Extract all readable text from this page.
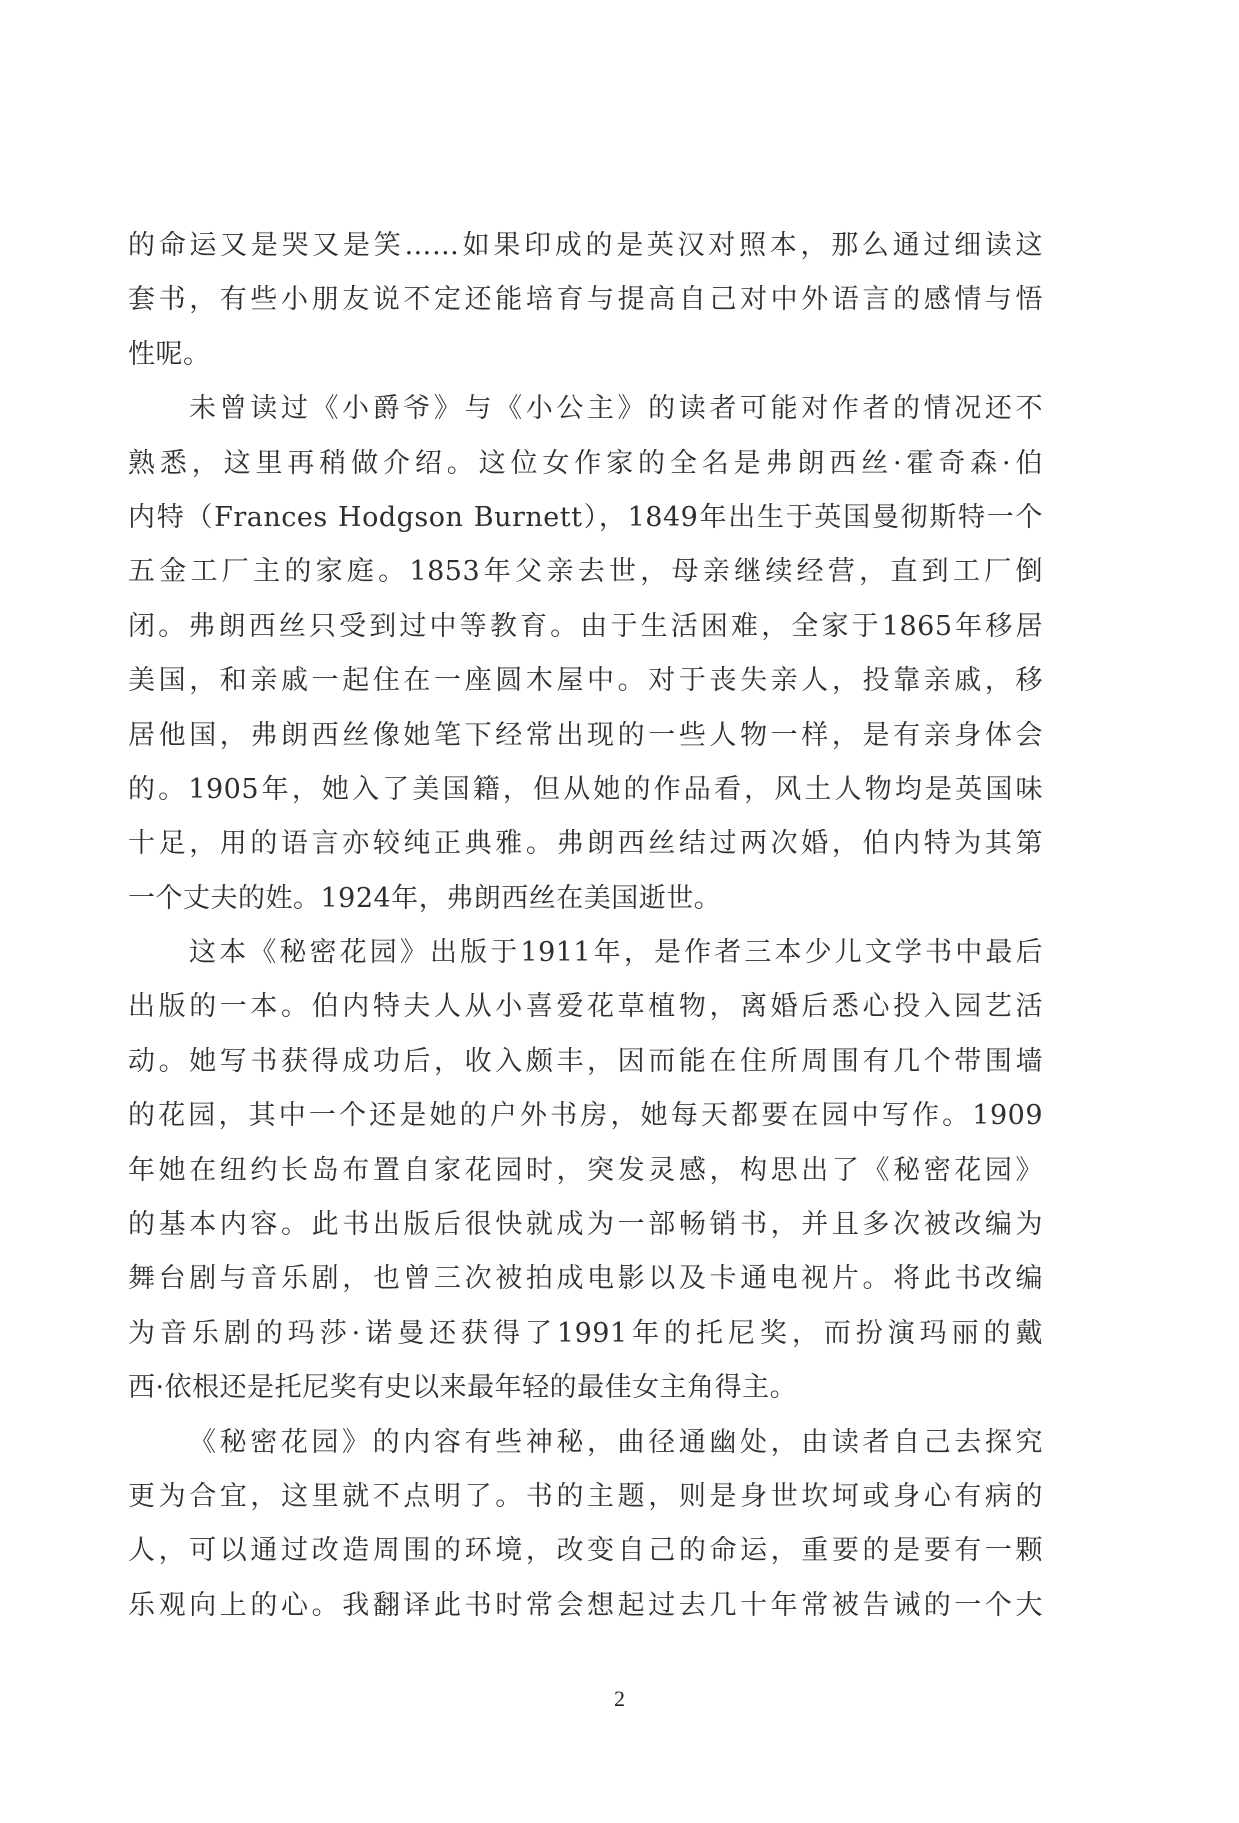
的命运又是哭又是笑……如果印成的是英汉对照本，那么通过细读这
套书，有些小朋友说不定还能培育与提高自己对中外语言的感情与悟
性呢。
未曾读过《小爵爷》与《小公主》的读者可能对作者的情况还不
熟悉，这里再稍做介绍。这位女作家的全名是弗朗西丝·霍奇森·伯
内特（Frances Hodgson Burnett），1849年出生于英国曼彻斯特一个
五金工厂主的家庭。1853年父亲去世，母亲继续经营，直到工厂倒
闭。弗朗西丝只受到过中等教育。由于生活困难，全家于1865年移居
美国，和亲戚一起住在一座圆木屋中。对于丧失亲人，投靠亲戚，移
居他国，弗朗西丝像她笔下经常出现的一些人物一样，是有亲身体会
的。1905年，她入了美国籍，但从她的作品看，风土人物均是英国味
十足，用的语言亦较纯正典雅。弗朗西丝结过两次婚，伯内特为其第
一个丈夫的姓。1924年，弗朗西丝在美国逝世。
这本《秘密花园》出版于1911年，是作者三本少儿文学书中最后
出版的一本。伯内特夫人从小喜爱花草植物，离婚后悉心投入园艺活
动。她写书获得成功后，收入颇丰，因而能在住所周围有几个带围墙
的花园，其中一个还是她的户外书房，她每天都要在园中写作。1909
年她在纽约长岛布置自家花园时，突发灵感，构思出了《秘密花园》
的基本内容。此书出版后很快就成为一部畅销书，并且多次被改编为
舞台剧与音乐剧，也曾三次被拍成电影以及卡通电视片。将此书改编
为音乐剧的玛莎·诺曼还获得了1991年的托尼奖，而扮演玛丽的戴
西·依根还是托尼奖有史以来最年轻的最佳女主角得主。
《秘密花园》的内容有些神秘，曲径通幽处，由读者自己去探究
更为合宜，这里就不点明了。书的主题，则是身世坎坷或身心有病的
人，可以通过改造周围的环境，改变自己的命运，重要的是要有一颗
乐观向上的心。我翻译此书时常会想起过去几十年常被告诫的一个大
2
